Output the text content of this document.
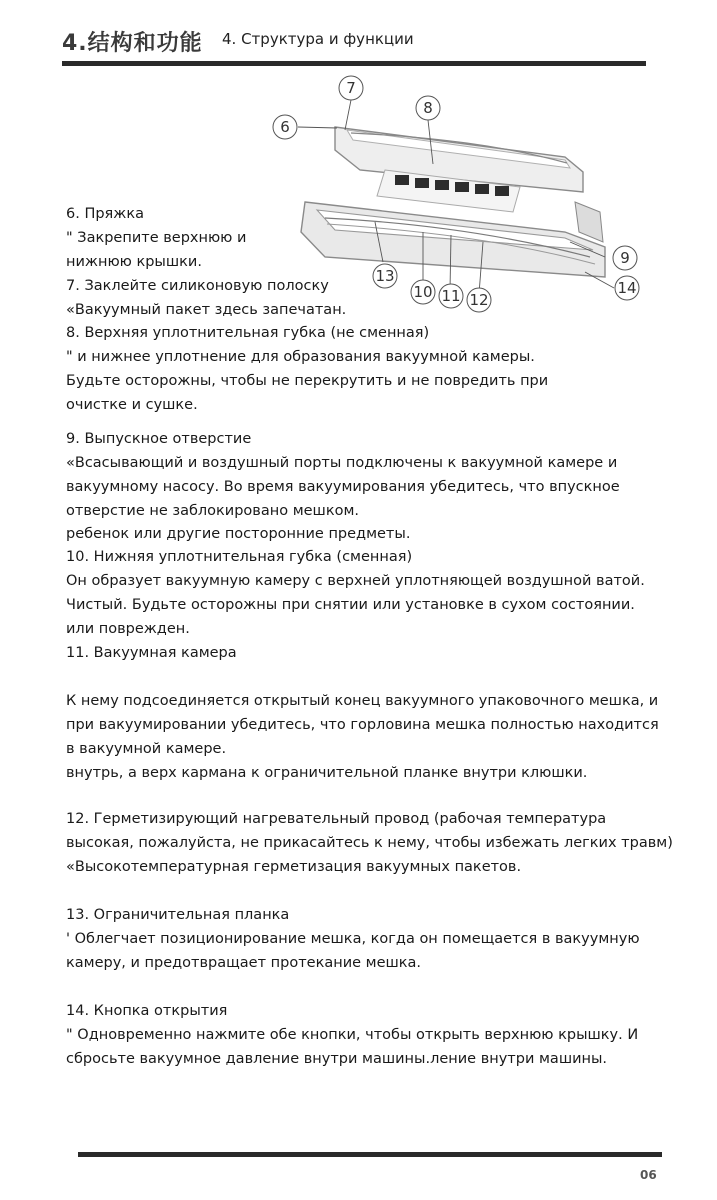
4.结构和功能 4. Структура и функции
6
7
8
9
10 11 12
13
14

6. Пряжка

" Закрепите верхнюю и

нижнюю крышки.

7. Заклейте силиконовую полоску

«Вакуумный пакет здесь запечатан.

8. Верхняя уплотнительная губка (не сменная)

" и нижнее уплотнение для образования вакуумной камеры.

Будьте осторожны, чтобы не перекрутить и не повредить при

очистке и сушке.

9. Выпускное отверстие

«Всасывающий и воздушный порты подключены к вакуумной камере и

вакуумному насосу. Во время вакуумирования убедитесь, что впускное

отверстие не заблокировано мешком.

ребенок или другие посторонние предметы.

10. Нижняя уплотнительная губка (сменная)

Он образует вакуумную камеру с верхней уплотняющей воздушной ватой.

Чистый. Будьте осторожны при снятии или установке в сухом состоянии.

или поврежден.

11. Вакуумная камера

К нему подсоединяется открытый конец вакуумного упаковочного мешка, и

при вакуумировании убедитесь, что горловина мешка полностью находится

в вакуумной камере.

внутрь, а верх кармана к ограничительной планке внутри клюшки.

12. Герметизирующий нагревательный провод (рабочая температура

высокая, пожалуйста, не прикасайтесь к нему, чтобы избежать легких травм)

«Высокотемпературная герметизация вакуумных пакетов.

13. Ограничительная планка

' Облегчает позиционирование мешка, когда он помещается в вакуумную

камеру, и предотвращает протекание мешка.

14. Кнопка открытия

" Одновременно нажмите обе кнопки, чтобы открыть верхнюю крышку. И

сбросьте вакуумное давление внутри машины.ление внутри машины.

06
